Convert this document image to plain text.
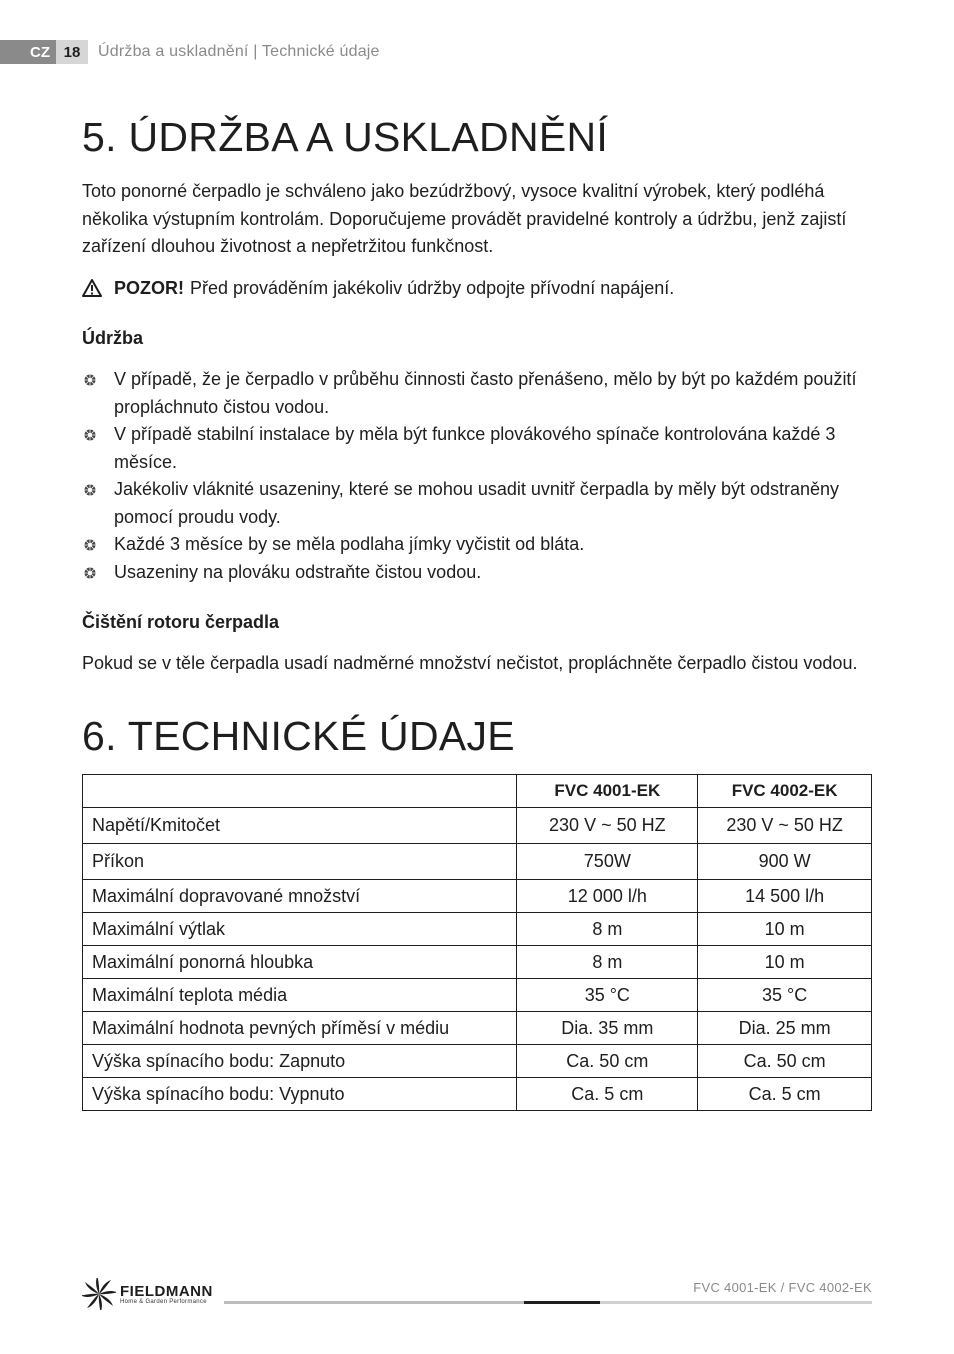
CZ 18	Údržba a uskladnění | Technické údaje
5. ÚDRŽBA A USKLADNĚNÍ

Toto ponorné čerpadlo je schváleno jako bezúdržbový, vysoce kvalitní výrobek, který podléhá několika výstupním kontrolám. Doporučujeme provádět pravidelné kontroly a údržbu, jenž zajistí zařízení dlouhou životnost a nepřetržitou funkčnost.

POZOR! Před prováděním jakékoliv údržby odpojte přívodní napájení.
Údržba
V případě, že je čerpadlo v průběhu činnosti často přenášeno, mělo by být po každém použití propláchnuto čistou vodou.
V případě stabilní instalace by měla být funkce plovákového spínače kontrolována každé 3 měsíce.
Jakékoliv vláknité usazeniny, které se mohou usadit uvnitř čerpadla by měly být odstraněny pomocí proudu vody.
Každé 3 měsíce by se měla podlaha jímky vyčistit od bláta.
Usazeniny na plováku odstraňte čistou vodou.
Čištění rotoru čerpadla

Pokud se v těle čerpadla usadí nadměrné množství nečistot, propláchněte čerpadlo čistou vodou.

6. TECHNICKÉ ÚDAJE
	FVC 4001-EK	FVC 4002-EK
Napětí/Kmitočet	230 V ~ 50 HZ	230 V ~ 50 HZ
Příkon	750W	900 W
Maximální dopravované množství	12 000 l/h	14 500 l/h
Maximální výtlak	8 m	10 m
Maximální ponorná hloubka	8 m	10 m
Maximální teplota média	35 °C	35 °C
Maximální hodnota pevných příměsí v médiu	Dia. 35 mm	Dia. 25 mm
Výška spínacího bodu: Zapnuto	Ca. 50 cm	Ca. 50 cm
Výška spínacího bodu: Vypnuto	Ca. 5 cm	Ca. 5 cm
FIELDMANN
Home & Garden Performance
FVC 4001-EK / FVC 4002-EK
